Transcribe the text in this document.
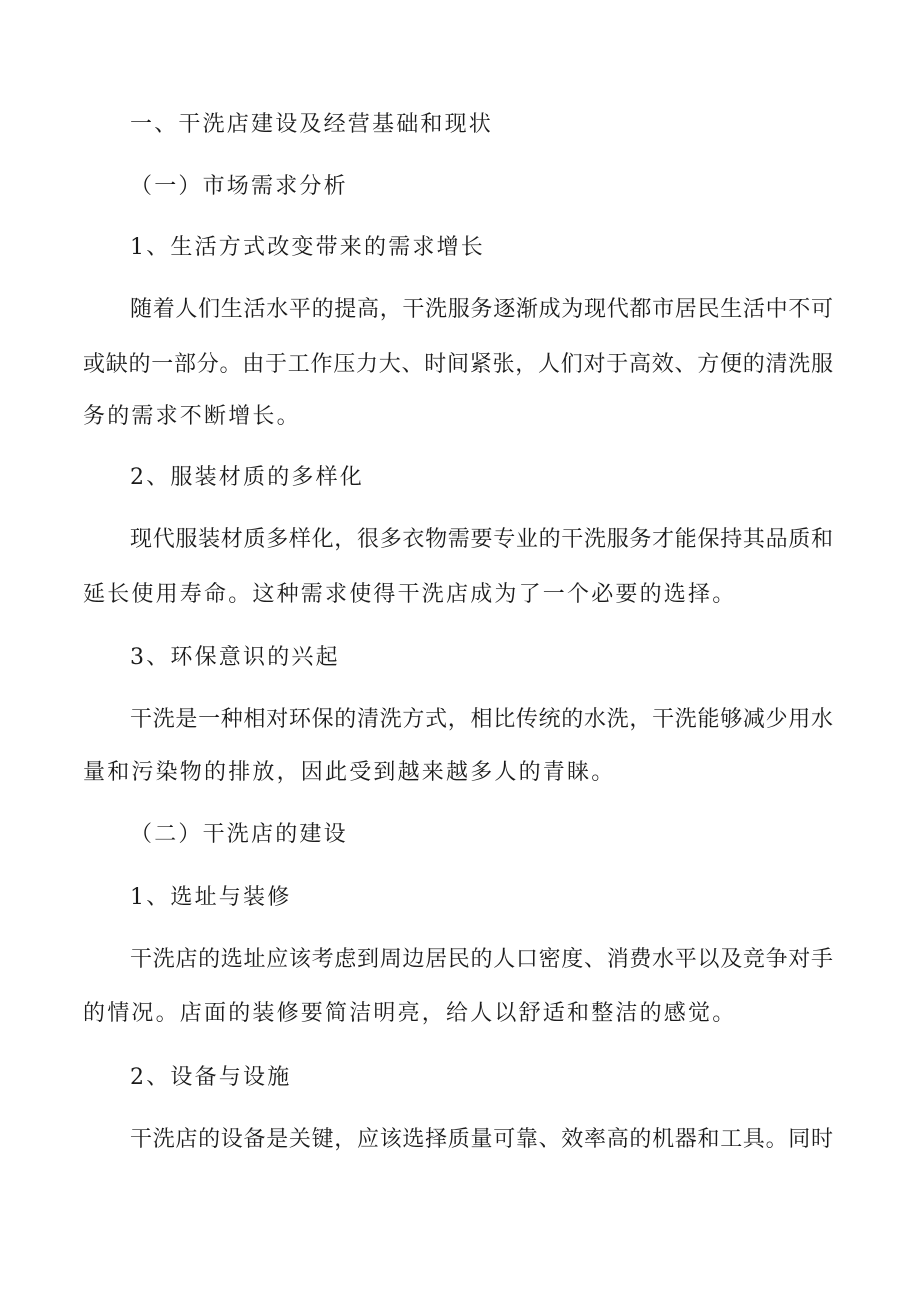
一、干洗店建设及经营基础和现状
（一）市场需求分析
1、生活方式改变带来的需求增长
随着人们生活水平的提高，干洗服务逐渐成为现代都市居民生活中不可
或缺的一部分。由于工作压力大、时间紧张，人们对于高效、方便的清洗服
务的需求不断增长。
2、服装材质的多样化
现代服装材质多样化，很多衣物需要专业的干洗服务才能保持其品质和
延长使用寿命。这种需求使得干洗店成为了一个必要的选择。
3、环保意识的兴起
干洗是一种相对环保的清洗方式，相比传统的水洗，干洗能够减少用水
量和污染物的排放，因此受到越来越多人的青睐。
（二）干洗店的建设
1、选址与装修
干洗店的选址应该考虑到周边居民的人口密度、消费水平以及竞争对手
的情况。店面的装修要简洁明亮，给人以舒适和整洁的感觉。
2、设备与设施
干洗店的设备是关键，应该选择质量可靠、效率高的机器和工具。同时
